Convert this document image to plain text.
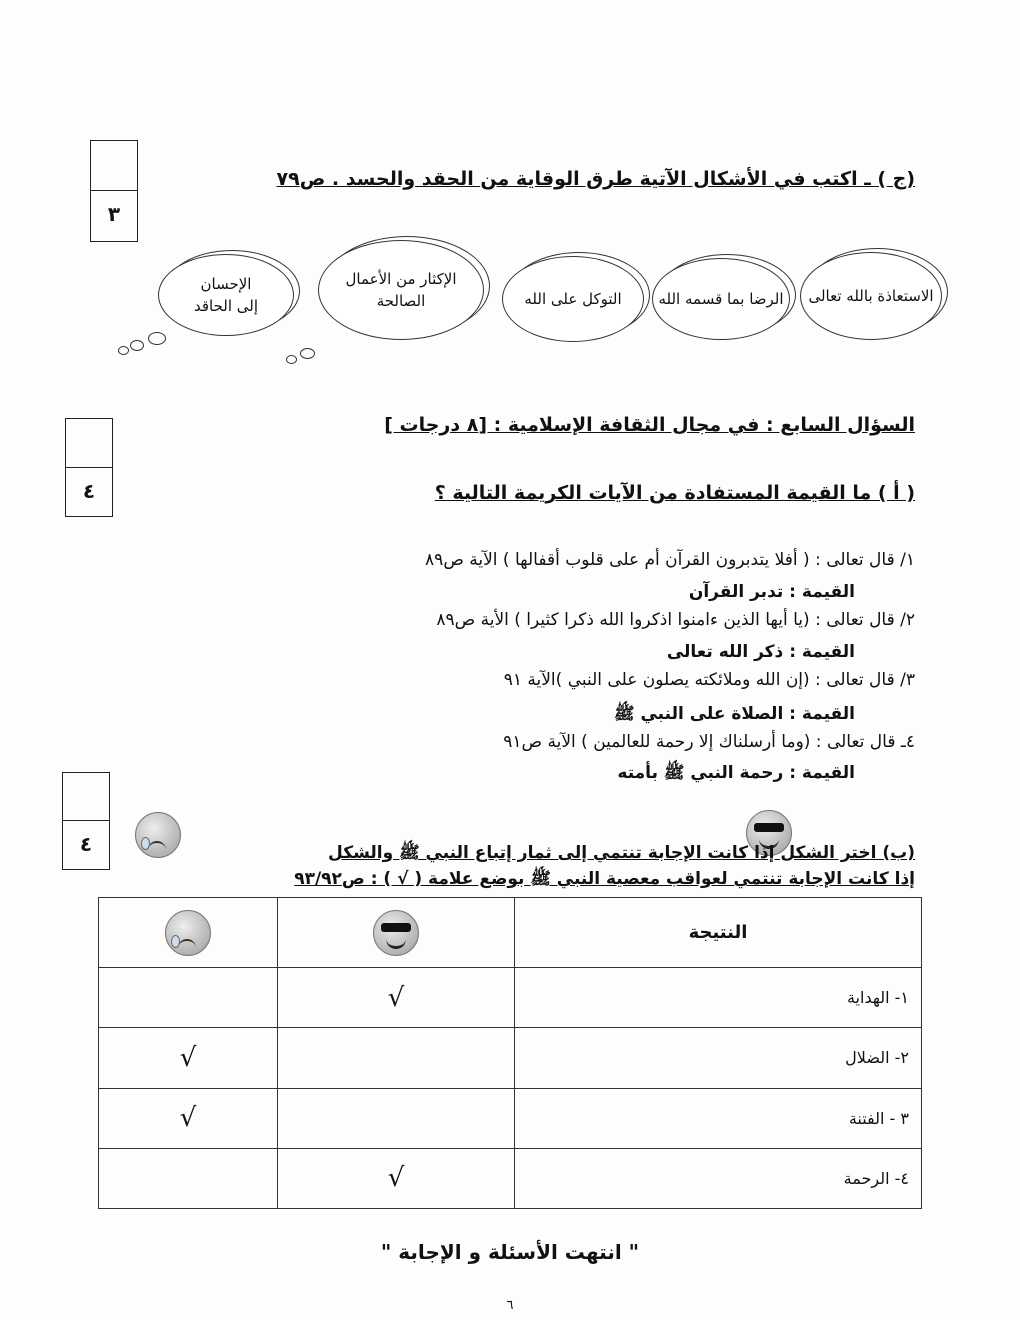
٣
(ج ) ـ اكتب في الأشكال الآتية طرق الوقاية من الحقد والحسد . ص٧٩
الاستعاذة بالله تعالى
الرضا بما قسمه الله
التوكل على الله
الإكثار من الأعمال الصالحة
الإحسان إلى الحاقد
٤
السؤال السابع : في مجال الثقافة الإسلامية : [٨ درجات ]
( أ ) ما القيمة المستفادة من الآيات الكريمة التالية ؟
١/ قال تعالى : ( أفلا يتدبرون القرآن أم على قلوب أقفالها ) الآية ص٨٩
القيمة : تدبر القرآن
٢/ قال تعالى : (يا أيها الذين ءامنوا اذكروا الله ذكرا كثيرا ) الأية ص٨٩
القيمة : ذكر الله تعالى
٣/ قال تعالى : (إن الله وملائكته يصلون على النبي )الآية ٩١
القيمة : الصلاة على النبي ﷺ
٤ـ قال تعالى : (وما أرسلناك إلا رحمة للعالمين ) الآية ص٩١
القيمة : رحمة النبي ﷺ بأمته
٤
	(ب) اختر الشكل إذا كانت الإجابة تنتمي إلى ثمار إتباع النبي ﷺ والشكل
إذا كانت الإجابة تنتمي لعواقب معصية النبي ﷺ بوضع علامة ( √ ) : ص٩٣/٩٢
النتيجة		
١- الهداية	√	
٢- الضلال		√
٣ - الفتنة		√
٤- الرحمة	√	
" انتهت الأسئلة و الإجابة "
٦
